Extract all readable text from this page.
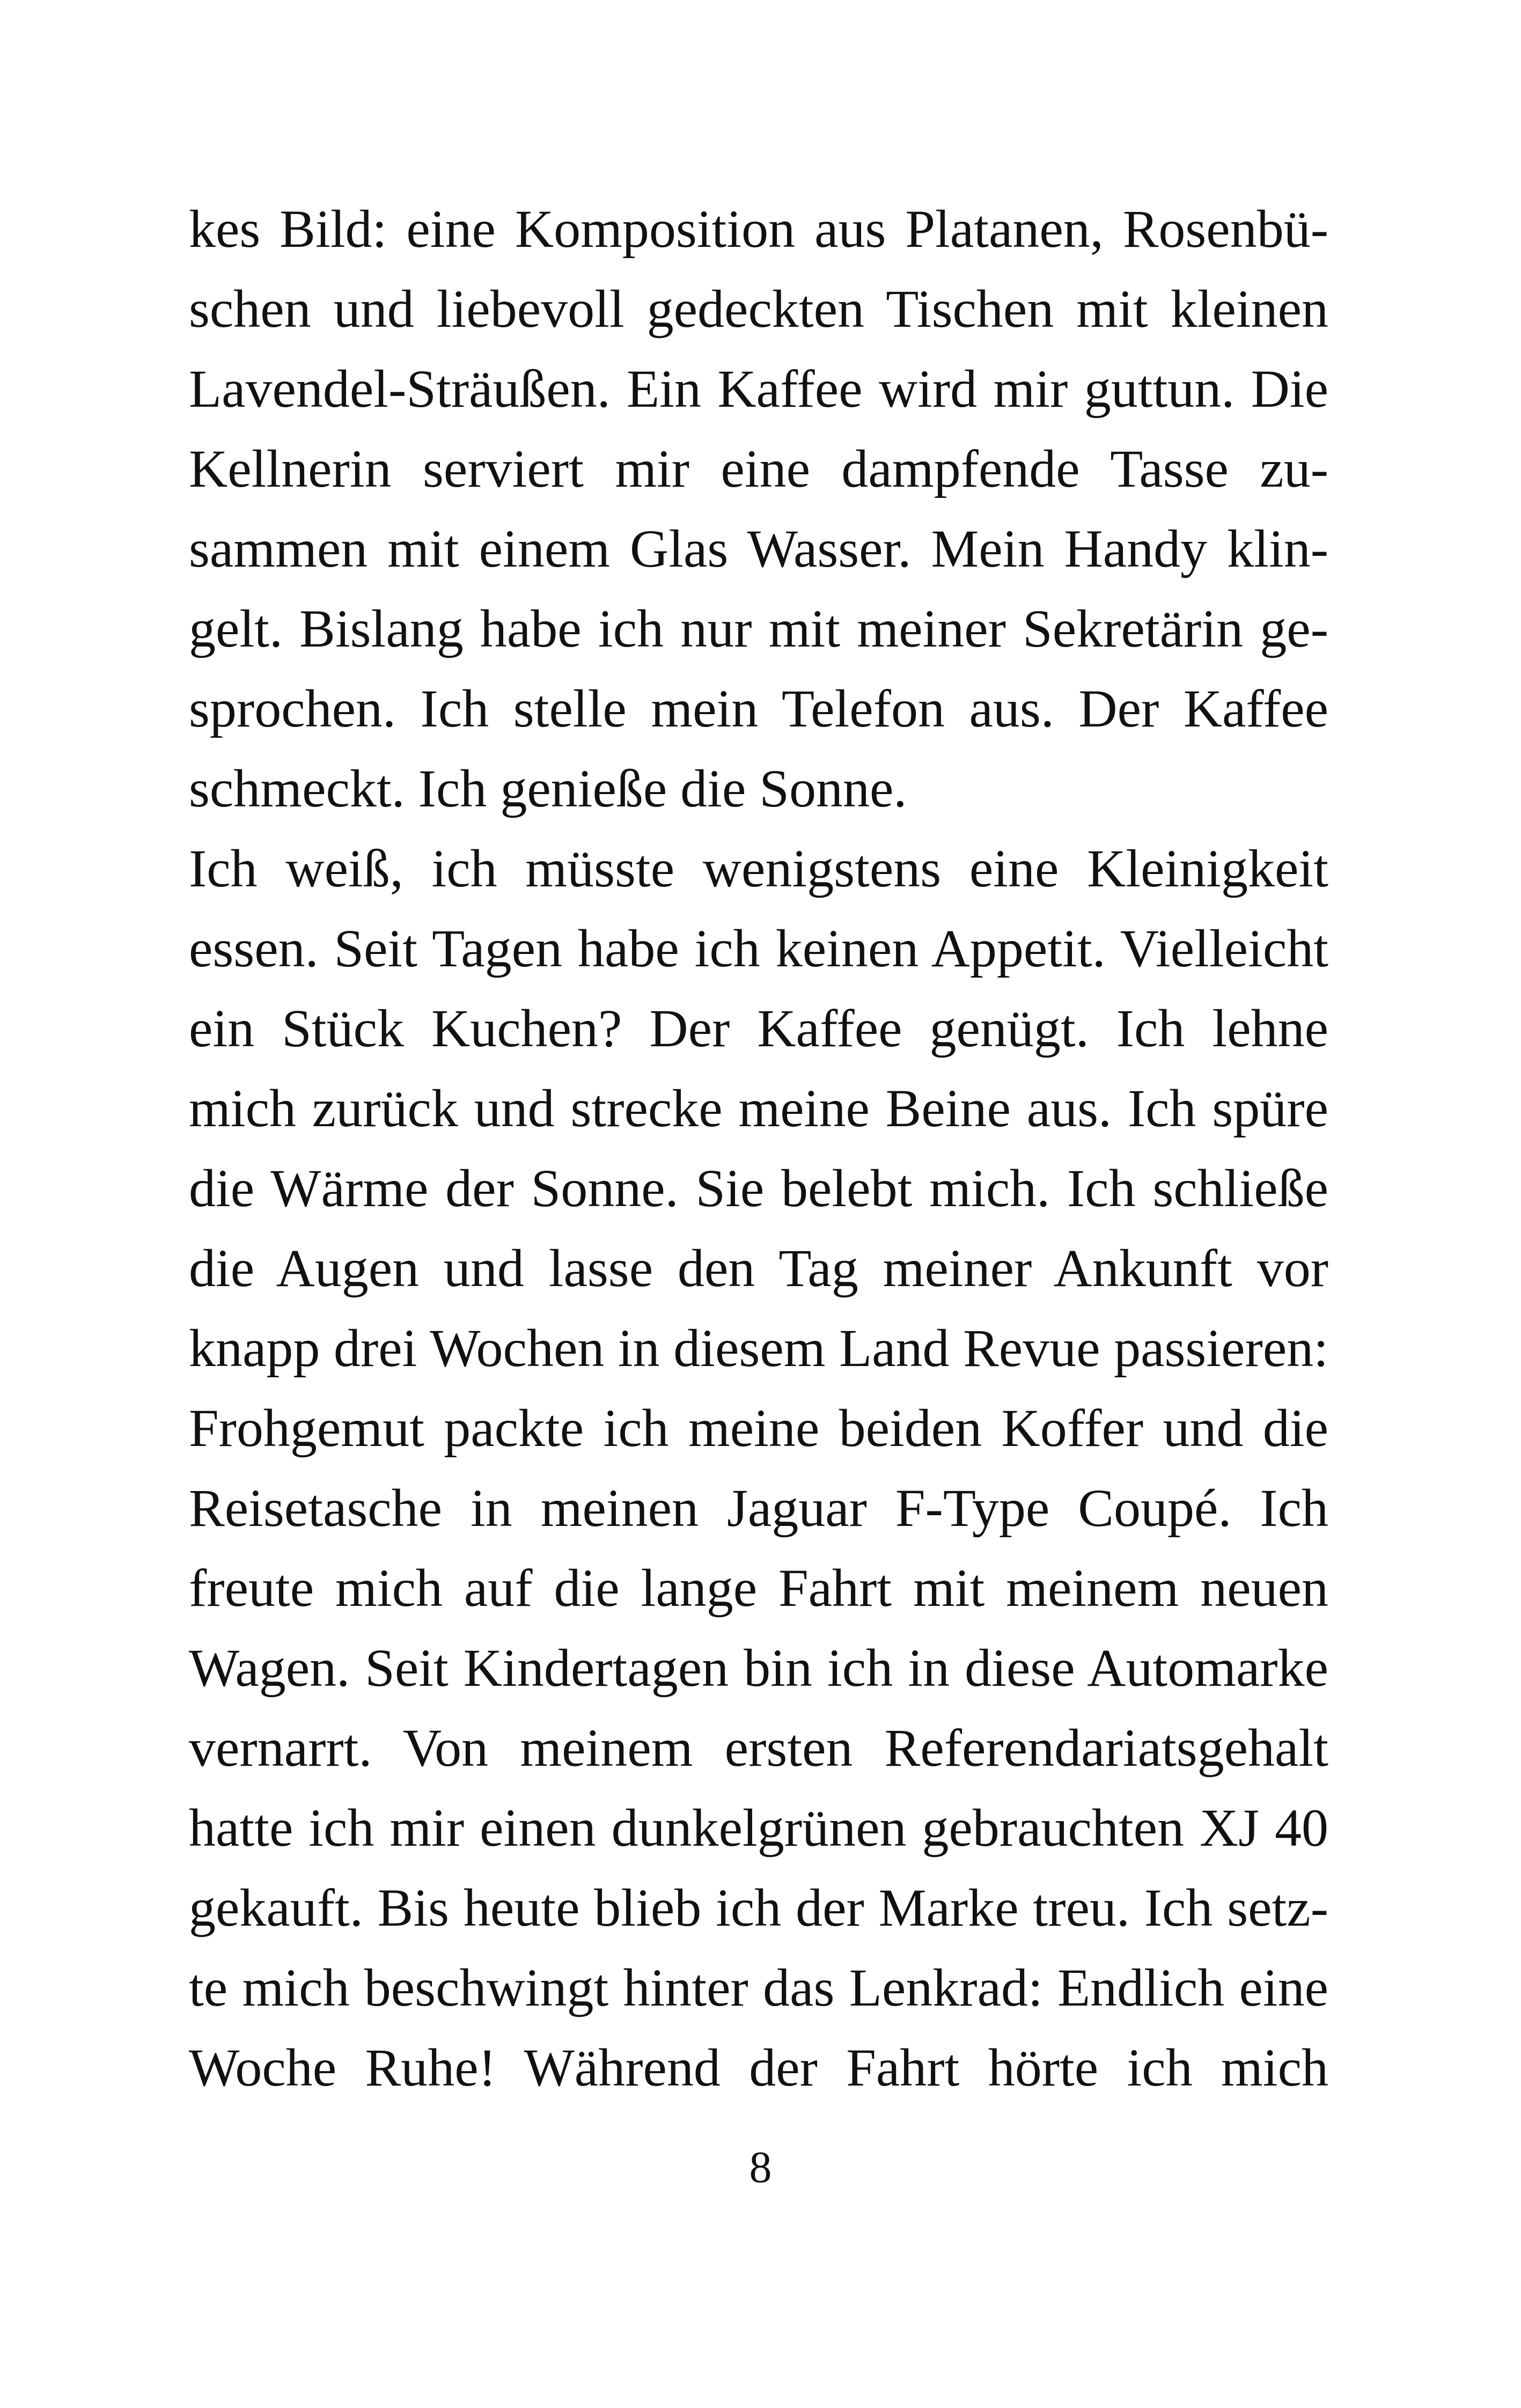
kes Bild: eine Komposition aus Platanen, Rosenbü-
schen und liebevoll gedeckten Tischen mit kleinen
Lavendel-Sträußen. Ein Kaffee wird mir guttun. Die
Kellnerin serviert mir eine dampfende Tasse zu-
sammen mit einem Glas Wasser. Mein Handy klin-
gelt. Bislang habe ich nur mit meiner Sekretärin ge-
sprochen. Ich stelle mein Telefon aus. Der Kaffee
schmeckt. Ich genieße die Sonne.
Ich weiß, ich müsste wenigstens eine Kleinigkeit
essen. Seit Tagen habe ich keinen Appetit. Vielleicht
ein Stück Kuchen? Der Kaffee genügt. Ich lehne
mich zurück und strecke meine Beine aus. Ich spüre
die Wärme der Sonne. Sie belebt mich. Ich schließe
die Augen und lasse den Tag meiner Ankunft vor
knapp drei Wochen in diesem Land Revue passieren:
Frohgemut packte ich meine beiden Koffer und die
Reisetasche in meinen Jaguar F-Type Coupé. Ich
freute mich auf die lange Fahrt mit meinem neuen
Wagen. Seit Kindertagen bin ich in diese Automarke
vernarrt. Von meinem ersten Referendariatsgehalt
hatte ich mir einen dunkelgrünen gebrauchten XJ 40
gekauft. Bis heute blieb ich der Marke treu. Ich setz-
te mich beschwingt hinter das Lenkrad: Endlich eine
Woche Ruhe! Während der Fahrt hörte ich mich
8
